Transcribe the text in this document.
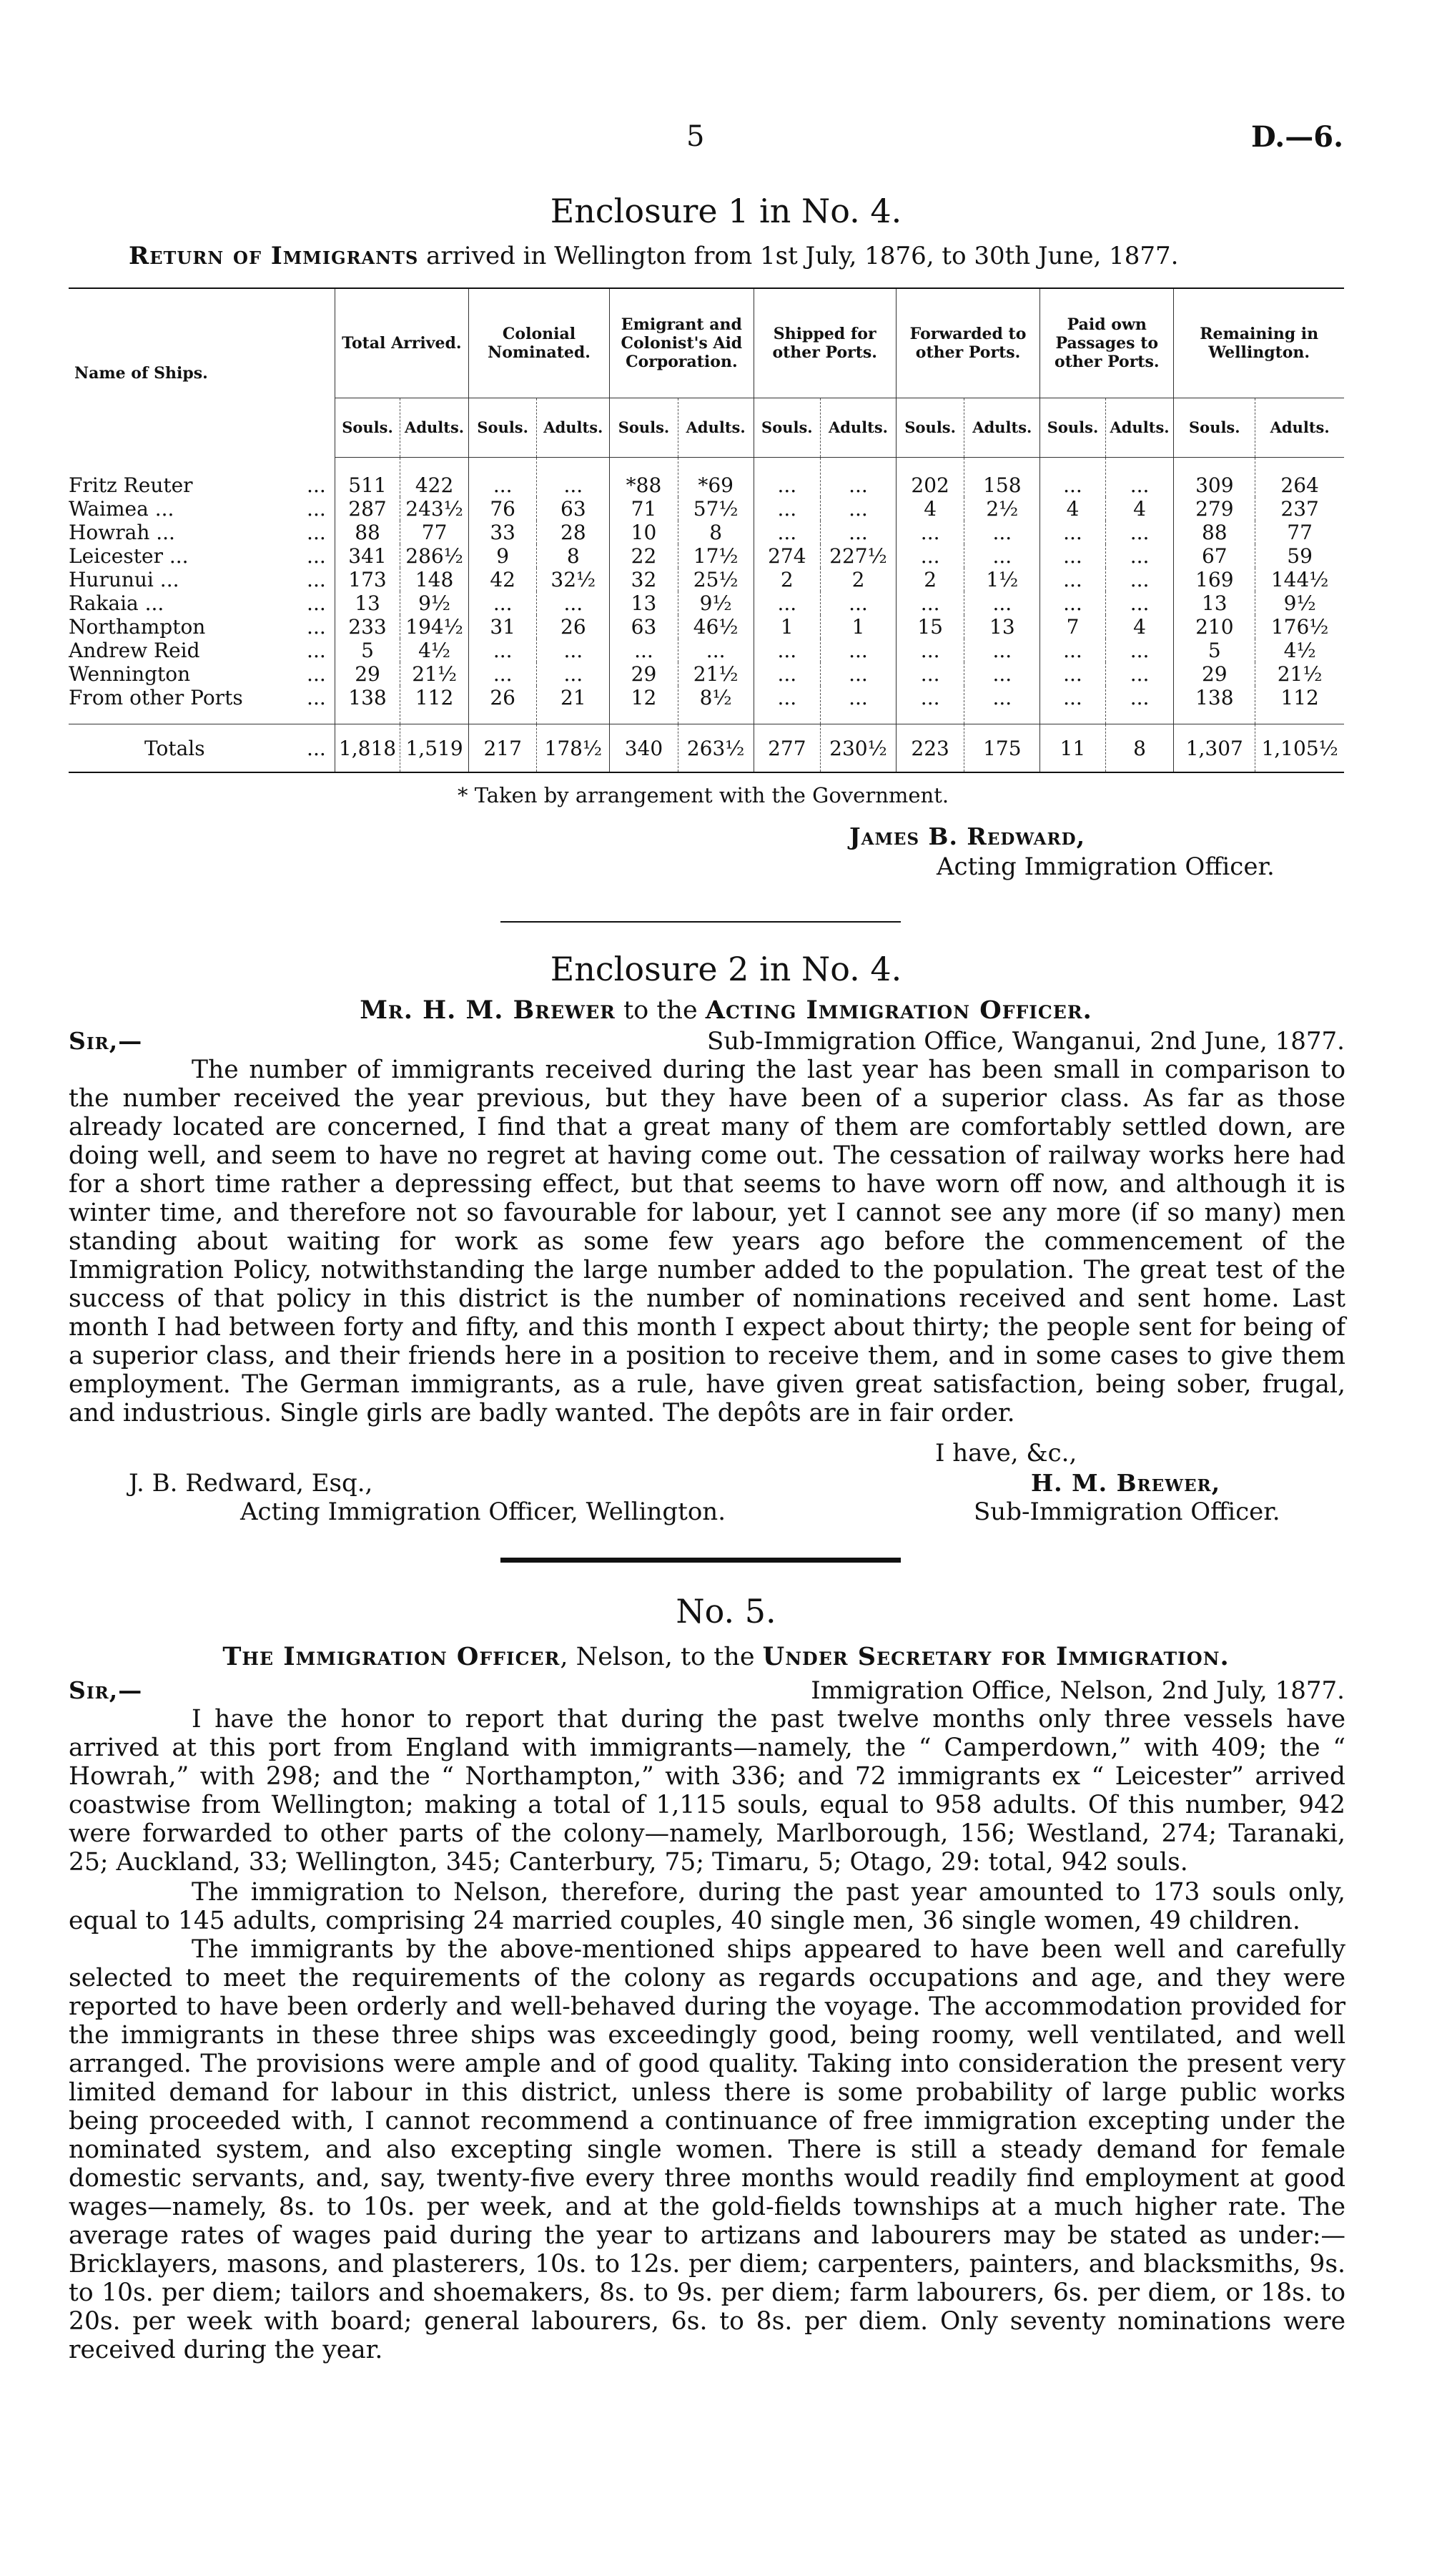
5	D.—6.
Enclosure 1 in No. 4.
Return of Immigrants arrived in Wellington from 1st July, 1876, to 30th June, 1877.
Name of Ships.	Total Arrived.		Colonial Nominated.		Emigrant and Colonist's Aid Corporation.		Shipped for other Ports.		Forwarded to other Ports.		Paid own Passages to other Ports.		Remaining in Wellington.	
	Souls.	Adults.	Souls.	Adults.	Souls.	Adults.	Souls.	Adults.	Souls.	Adults.	Souls.	Adults.	Souls.	Adults.

Fritz Reuter ...	511	422	...	...	*88	*69	...	...	202	158	...	...	309	264

Waimea ... ...	287	243½	76	63	71	57½	...	...	4	2½	4	4	279	237

Howrah ... ...	88	77	33	28	10	8	...	...	...	...	...	...	88	77

Leicester ... ...	341	286½	9	8	22	17½	274	227½	...	...	...	...	67	59

Hurunui ... ...	173	148	42	32½	32	25½	2	2	2	1½	...	...	169	144½

Rakaia ... ...	13	9½	...	...	13	9½	...	...	...	...	...	...	13	9½

Northampton ...	233	194½	31	26	63	46½	1	1	15	13	7	4	210	176½

Andrew Reid ...	5	4½	...	...	...	...	...	...	...	...	...	...	5	4½

Wennington ...	29	21½	...	...	29	21½	...	...	...	...	...	...	29	21½

From other Ports ...	138	112	26	21	12	8½	...	...	...	...	...	...	138	112

Totals ...	1,818	1,519	217	178½	340	263½	277	230½	223	175	11	8	1,307	1,105½
* Taken by arrangement with the Government.
James B. Redward,
Acting Immigration Officer.
Enclosure 2 in No. 4.
Mr. H. M. Brewer to the Acting Immigration Officer.
Sir,—	Sub-Immigration Office, Wanganui, 2nd June, 1877.
The number of immigrants received during the last year has been small in comparison to the number received the year previous, but they have been of a superior class. As far as those already located are concerned, I find that a great many of them are comfortably settled down, are doing well, and seem to have no regret at having come out. The cessation of railway works here had for a short time rather a depressing effect, but that seems to have worn off now, and although it is winter time, and therefore not so favourable for labour, yet I cannot see any more (if so many) men standing about waiting for work as some few years ago before the commencement of the Immigration Policy, notwithstanding the large number added to the population. The great test of the success of that policy in this district is the number of nominations received and sent home. Last month I had between forty and fifty, and this month I expect about thirty; the people sent for being of a superior class, and their friends here in a position to receive them, and in some cases to give them employment. The German immigrants, as a rule, have given great satisfaction, being sober, frugal, and industrious. Single girls are badly wanted. The depôts are in fair order.
I have, &c.,
J. B. Redward, Esq.,
Acting Immigration Officer, Wellington.
H. M. Brewer,
Sub-Immigration Officer.
No. 5.
The Immigration Officer, Nelson, to the Under Secretary for Immigration.
Sir,—	Immigration Office, Nelson, 2nd July, 1877.
I have the honor to report that during the past twelve months only three vessels have arrived at this port from England with immigrants—namely, the “ Camperdown,” with 409; the “ Howrah,” with 298; and the “ Northampton,” with 336; and 72 immigrants ex “ Leicester” arrived coastwise from Wellington; making a total of 1,115 souls, equal to 958 adults. Of this number, 942 were forwarded to other parts of the colony—namely, Marlborough, 156; Westland, 274; Taranaki, 25; Auckland, 33; Wellington, 345; Canterbury, 75; Timaru, 5; Otago, 29: total, 942 souls.
The immigration to Nelson, therefore, during the past year amounted to 173 souls only, equal to 145 adults, comprising 24 married couples, 40 single men, 36 single women, 49 children.
The immigrants by the above-mentioned ships appeared to have been well and carefully selected to meet the requirements of the colony as regards occupations and age, and they were reported to have been orderly and well-behaved during the voyage. The accommodation provided for the immigrants in these three ships was exceedingly good, being roomy, well ventilated, and well arranged. The provisions were ample and of good quality. Taking into consideration the present very limited demand for labour in this district, unless there is some probability of large public works being proceeded with, I cannot recommend a continuance of free immigration excepting under the nominated system, and also excepting single women. There is still a steady demand for female domestic servants, and, say, twenty-five every three months would readily find employment at good wages—namely, 8s. to 10s. per week, and at the gold-fields townships at a much higher rate. The average rates of wages paid during the year to artizans and labourers may be stated as under:—Bricklayers, masons, and plasterers, 10s. to 12s. per diem; carpenters, painters, and blacksmiths, 9s. to 10s. per diem; tailors and shoemakers, 8s. to 9s. per diem; farm labourers, 6s. per diem, or 18s. to 20s. per week with board; general labourers, 6s. to 8s. per diem. Only seventy nominations were received during the year.
